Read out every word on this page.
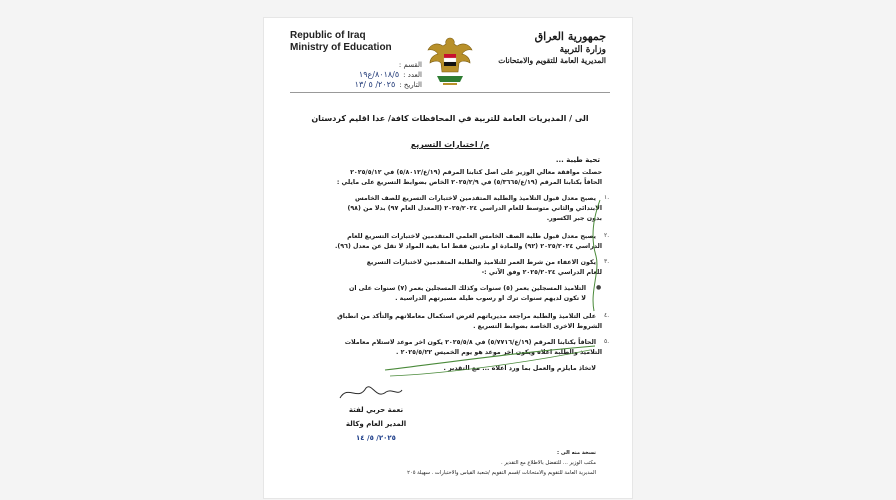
Republic of Iraq
Ministry of Education
القسم :
العدد :
٨٠١٨/٥/ع١٩
التاريخ :
٢٠٢٥/ ٥ /١٣
جمهورية العراق
وزارة التربية
المديرية العامة للتقويم والامتحانات
الى / المديريات العامة للتربية في المحافظات كافة/ عدا اقليم كردستان
م/ اختبارات التسريع
تحية طيبة ...
حصلت موافقة معالي الوزير على اصل كتابنا المرقم (١٩/ع/٥/٨٠١٢) في ٢٠٢٥/٥/١٢
الحاقاً بكتابنا المرقم (١٩/ع/٥/٣٦٦٥) في ٢٠٢٥/٢/٩ الخاص بضوابط التسريع على مايلي :
يصبح معدل قبول التلاميذ والطلبة المتقدمين لاختبارات التسريع للصف الخامس ١.
الابتدائي والثاني متوسط للعام الدراسي ٢٠٢٥/٢٠٢٤ (المعدل العام ٩٧) بدلا من (٩٨)
بدون جبر الكسور.
يصبح معدل قبول طلبة الصف الخامس العلمي المتقدمين لاختبارات التسريع للعام ٢.
الدراسي ٢٠٢٥/٢٠٢٤ (٩٢) وللمادة او مادتين فقط اما بقية المواد لا تقل عن معدل (٩٦).
يكون الاعفاء من شرط العمر للتلاميذ والطلبة المتقدمين لاختبارات التسريع ٣.
للعام الدراسي ٢٠٢٥/٢٠٢٤ وفق الآتي :-
التلاميذ المسجلين بعمر (٥) سنوات وكذلك المسجلين بعمر (٧) سنوات على ان ●
لا تكون لديهم سنوات ترك او رسوب طيلة مسيرتهم الدراسية .
على التلاميذ والطلبة مراجعة مديرياتهم لغرض استكمال معاملاتهم والتأكد من انطباق ٤.
الشروط الاخرى الخاصة بضوابط التسريع .
الحاقاً بكتابنا المرقم (١٩/ع/٥/٧٧١٦) في ٢٠٢٥/٥/٨ يكون اخر موعد لاستلام معاملات ٥.
التلاميذ والطلبة اعلاه ويكون اخر موعد هو يوم الخميس ٢٠٢٥/٥/٢٢ .
لاتخاذ مايلزم والعمل بما ورد اعلاه ... مع التقدير .
نعمة حربي لفتة
المدير العام وكالة
٢٠٢٥/ ٥/ ١٤
نسخة منه الى :
مكتب الوزير ... للتفضل بالاطلاع مع التقدير .
المديرية العامة للتقويم والامتحانات /قسم التقويم /شعبة القياس والاختبارات . سهيلة ٢٠٥
